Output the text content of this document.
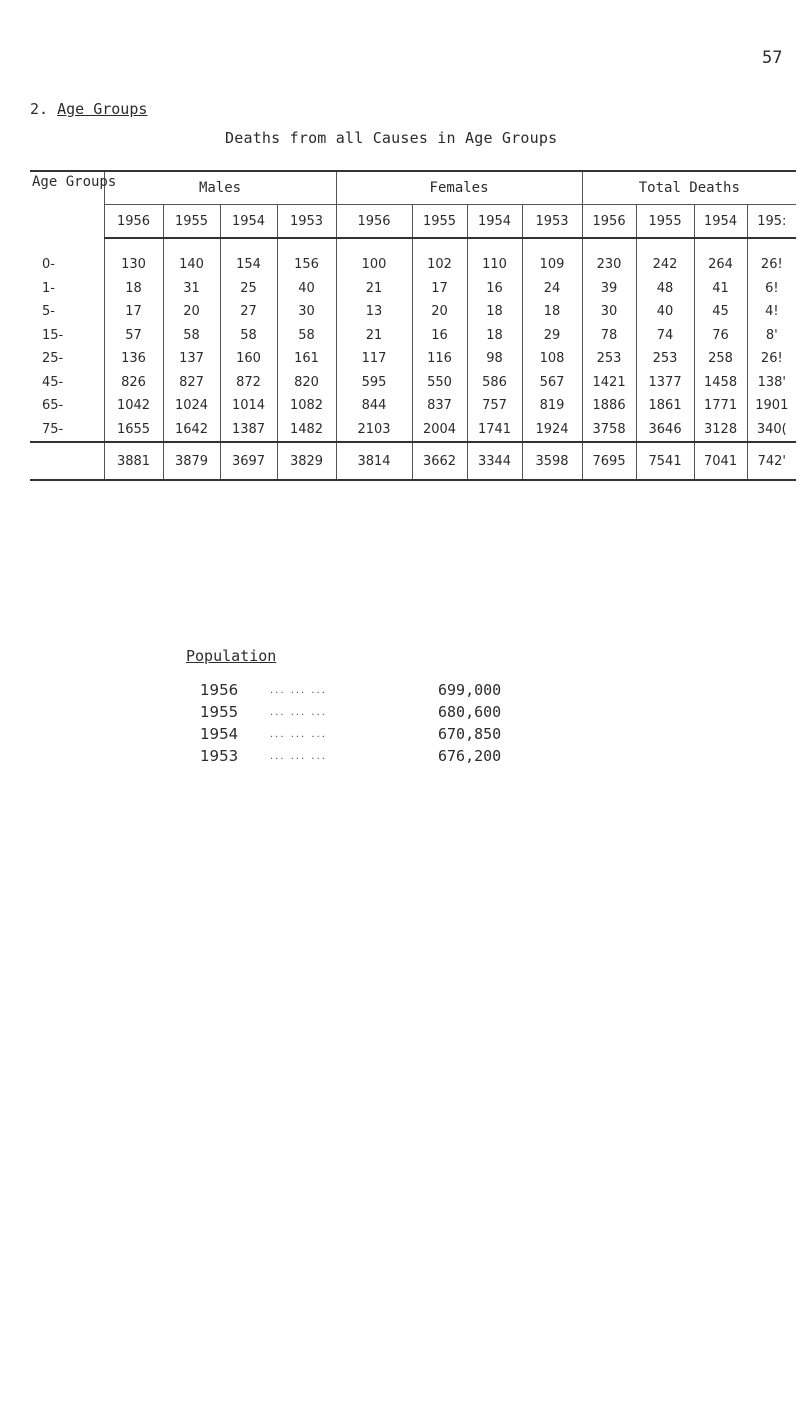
57
2. Age Groups
Deaths from all Causes in Age Groups
Age Groups	Males				Females				Total Deaths			
	1956	1955	1954	1953	1956	1955	1954	1953	1956	1955	1954	195:
0-	130	140	154	156	100	102	110	109	230	242	264	26!
1-	18	31	25	40	21	17	16	24	39	48	41	6!
5-	17	20	27	30	13	20	18	18	30	40	45	4!
15-	57	58	58	58	21	16	18	29	78	74	76	8'
25-	136	137	160	161	117	116	98	108	253	253	258	26!
45-	826	827	872	820	595	550	586	567	1421	1377	1458	138'
65-	1042	1024	1014	1082	844	837	757	819	1886	1861	1771	1901
75-	1655	1642	1387	1482	2103	2004	1741	1924	3758	3646	3128	340(
	3881	3879	3697	3829	3814	3662	3344	3598	7695	7541	7041	742'
Population
1956	... ... ...	699,000
1955	... ... ...	680,600
1954	... ... ...	670,850
1953	... ... ...	676,200
